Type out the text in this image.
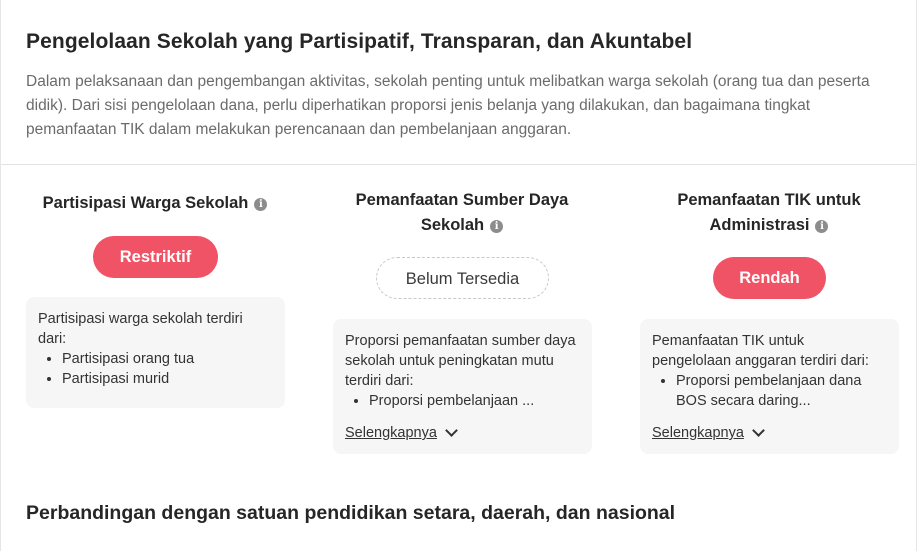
Pengelolaan Sekolah yang Partisipatif, Transparan, dan Akuntabel

Dalam pelaksanaan dan pengembangan aktivitas, sekolah penting untuk melibatkan warga sekolah (orang tua dan peserta didik). Dari sisi pengelolaan dana, perlu diperhatikan proporsi jenis belanja yang dilakukan, dan bagaimana tingkat pemanfaatan TIK dalam melakukan perencanaan dan pembelanjaan anggaran.

Partisipasi Warga Sekolah i
Restriktif
Partisipasi warga sekolah terdiri dari:
• Partisipasi orang tua
• Partisipasi murid
Pemanfaatan Sumber Daya
Sekolah i
Belum Tersedia
Proporsi pemanfaatan sumber daya sekolah untuk peningkatan mutu terdiri dari:
• Proporsi pembelanjaan ...
Selengkapnya
Pemanfaatan TIK untuk
Administrasi i
Rendah
Pemanfaatan TIK untuk pengelolaan anggaran terdiri dari:
• Proporsi pembelanjaan dana BOS secara daring...
Selengkapnya
Perbandingan dengan satuan pendidikan setara, daerah, dan nasional
